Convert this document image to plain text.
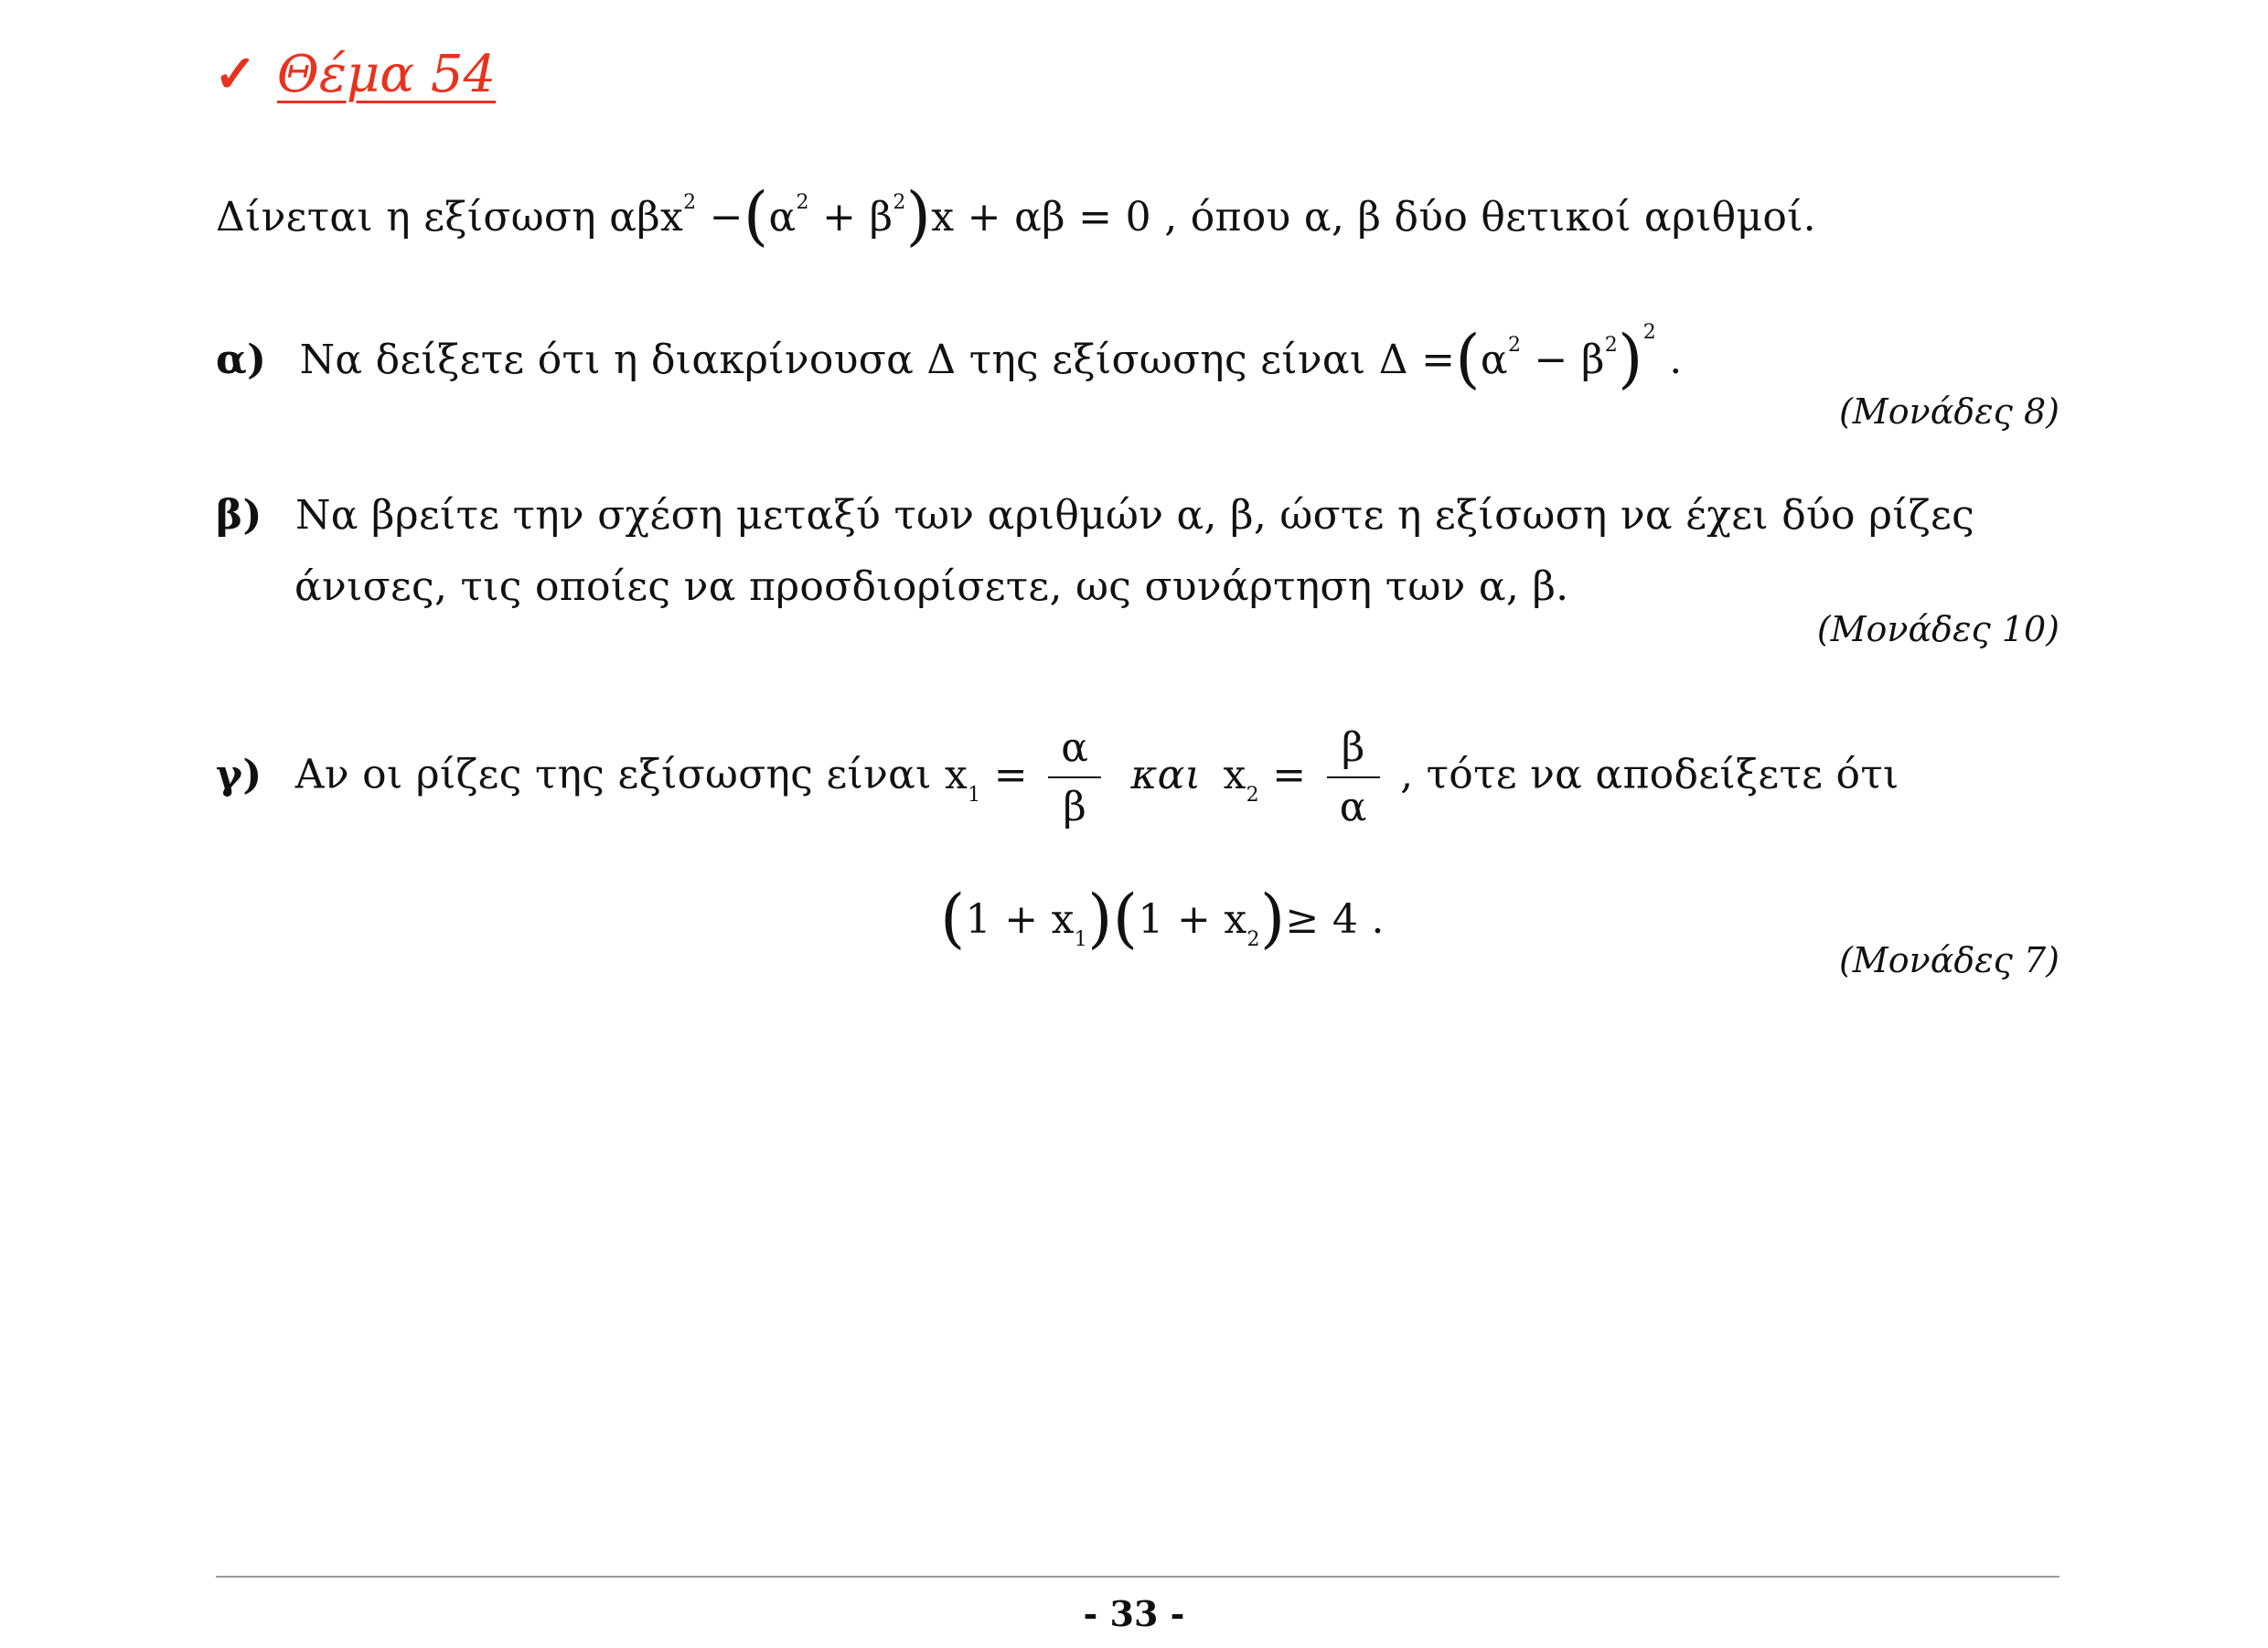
✓ Θέμα 54
Δίνεται η εξίσωση $\alpha\beta x^2 -(\alpha^2 + \beta^2)x + \alpha\beta = 0$ , όπου α, β δύο θετικοί αριθμοί.
α) Να δείξετε ότι η διακρίνουσα Δ της εξίσωσης είναι $\Delta =(\alpha^2 - \beta^2)^2$ .
(Μονάδες 8)
β) Να βρείτε την σχέση μεταξύ των αριθμών α, β, ώστε η εξίσωση να έχει δύο ρίζες
άνισες, τις οποίες να προσδιορίσετε, ως συνάρτηση των α, β.
(Μονάδες 10)
γ) Αν οι ρίζες της εξίσωσης είναι $x_1 = \frac{\alpha}{\beta}$ και $x_2 = \frac{\beta}{\alpha}$ , τότε να αποδείξετε ότι
$(1 + x_1)(1 + x_2)\ge 4$ .
(Μονάδες 7)
- 33 -
